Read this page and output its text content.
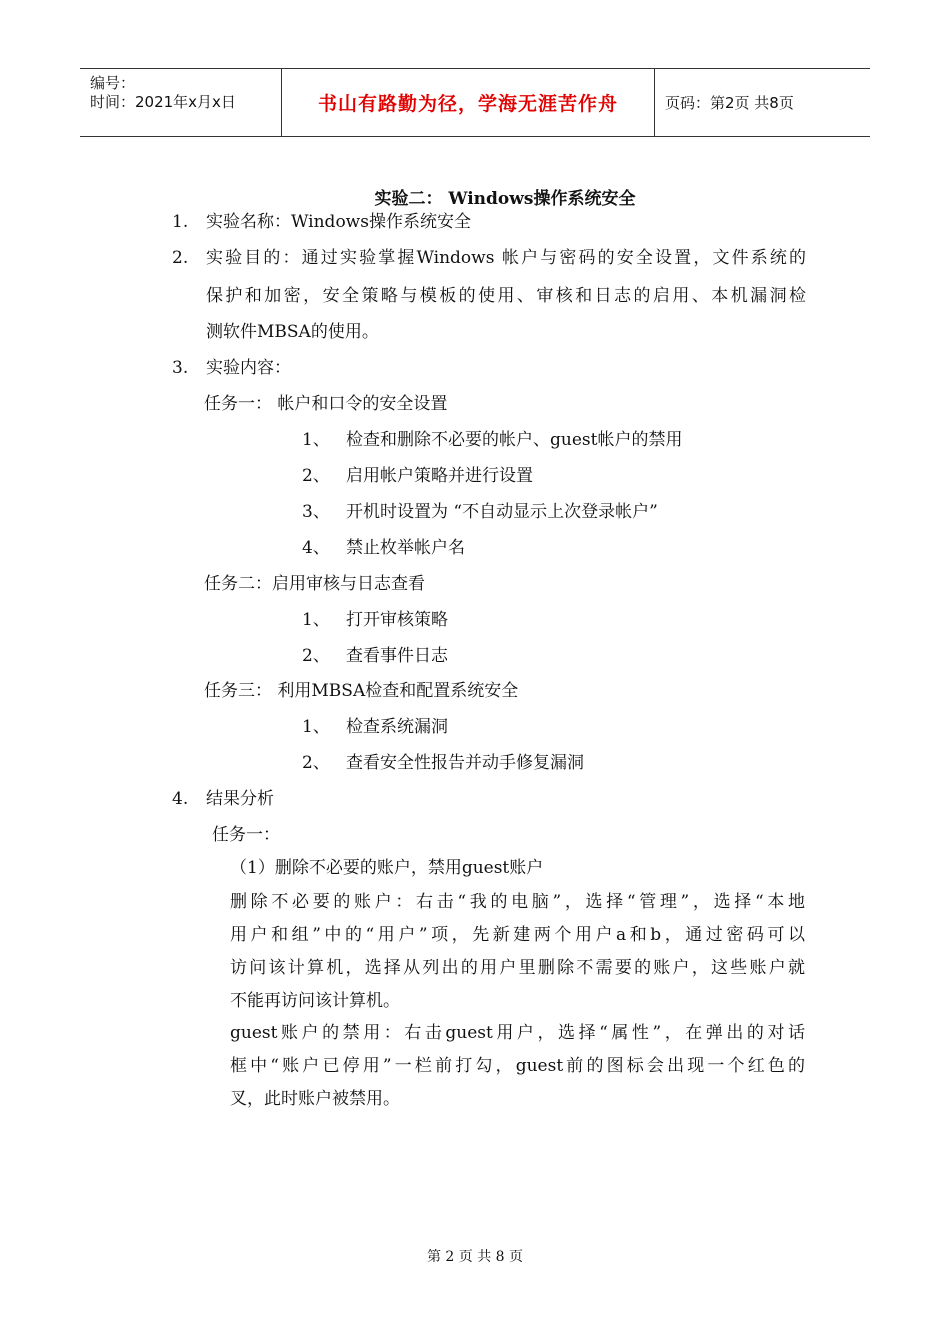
编号：
时间：2021年x月x日	书山有路勤为径，学海无涯苦作舟	页码：第2页 共8页
实验二： Windows操作系统安全
1. 实验名称：Windows操作系统安全
2. 实验目的：通过实验掌握Windows 帐户与密码的安全设置，文件系统的
保护和加密，安全策略与模板的使用、审核和日志的启用、本机漏洞检
测软件MBSA的使用。
3. 实验内容：
任务一： 帐户和口令的安全设置
1、 检查和删除不必要的帐户、guest帐户的禁用
2、 启用帐户策略并进行设置
3、 开机时设置为 “不自动显示上次登录帐户”
4、 禁止枚举帐户名
任务二：启用审核与日志查看
1、 打开审核策略
2、 查看事件日志
任务三： 利用MBSA检查和配置系统安全
1、 检查系统漏洞
2、 查看安全性报告并动手修复漏洞
4. 结果分析
任务一：
（1）删除不必要的账户，禁用guest账户
删除不必要的账户：右击“我的电脑”，选择“管理”，选择“本地
用户和组”中的“用户”项，先新建两个用户a和b，通过密码可以
访问该计算机，选择从列出的用户里删除不需要的账户，这些账户就
不能再访问该计算机。
guest账户的禁用：右击guest用户，选择“属性”，在弹出的对话
框中“账户已停用”一栏前打勾，guest前的图标会出现一个红色的
叉，此时账户被禁用。
第 2 页 共 8 页
